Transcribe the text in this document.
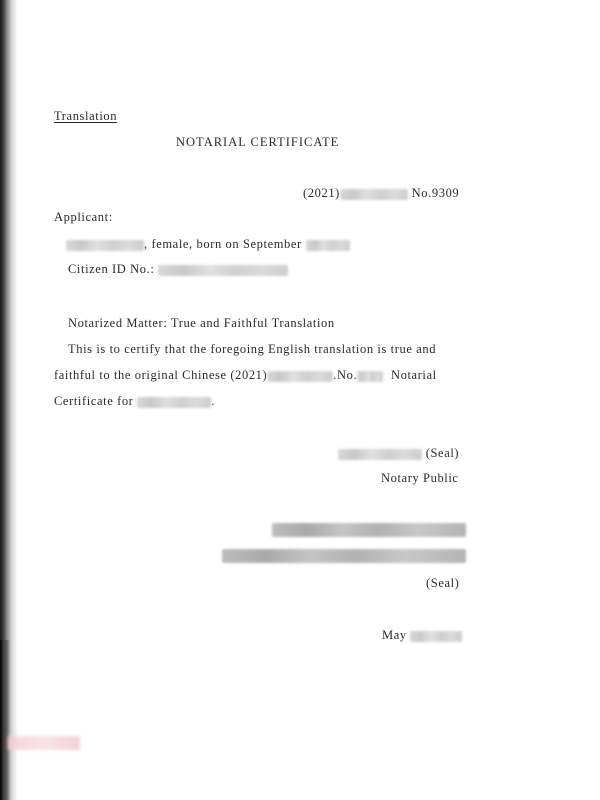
Translation
NOTARIAL CERTIFICATE
(2021)	No.9309
Applicant:
, female, born on September
Citizen ID No.:
Notarized Matter: True and Faithful Translation
This is to certify that the foregoing English translation is true and
faithful to the original Chinese (2021)	.No.	Notarial
Certificate for	.
(Seal)
Notary Public
(Seal)
May
